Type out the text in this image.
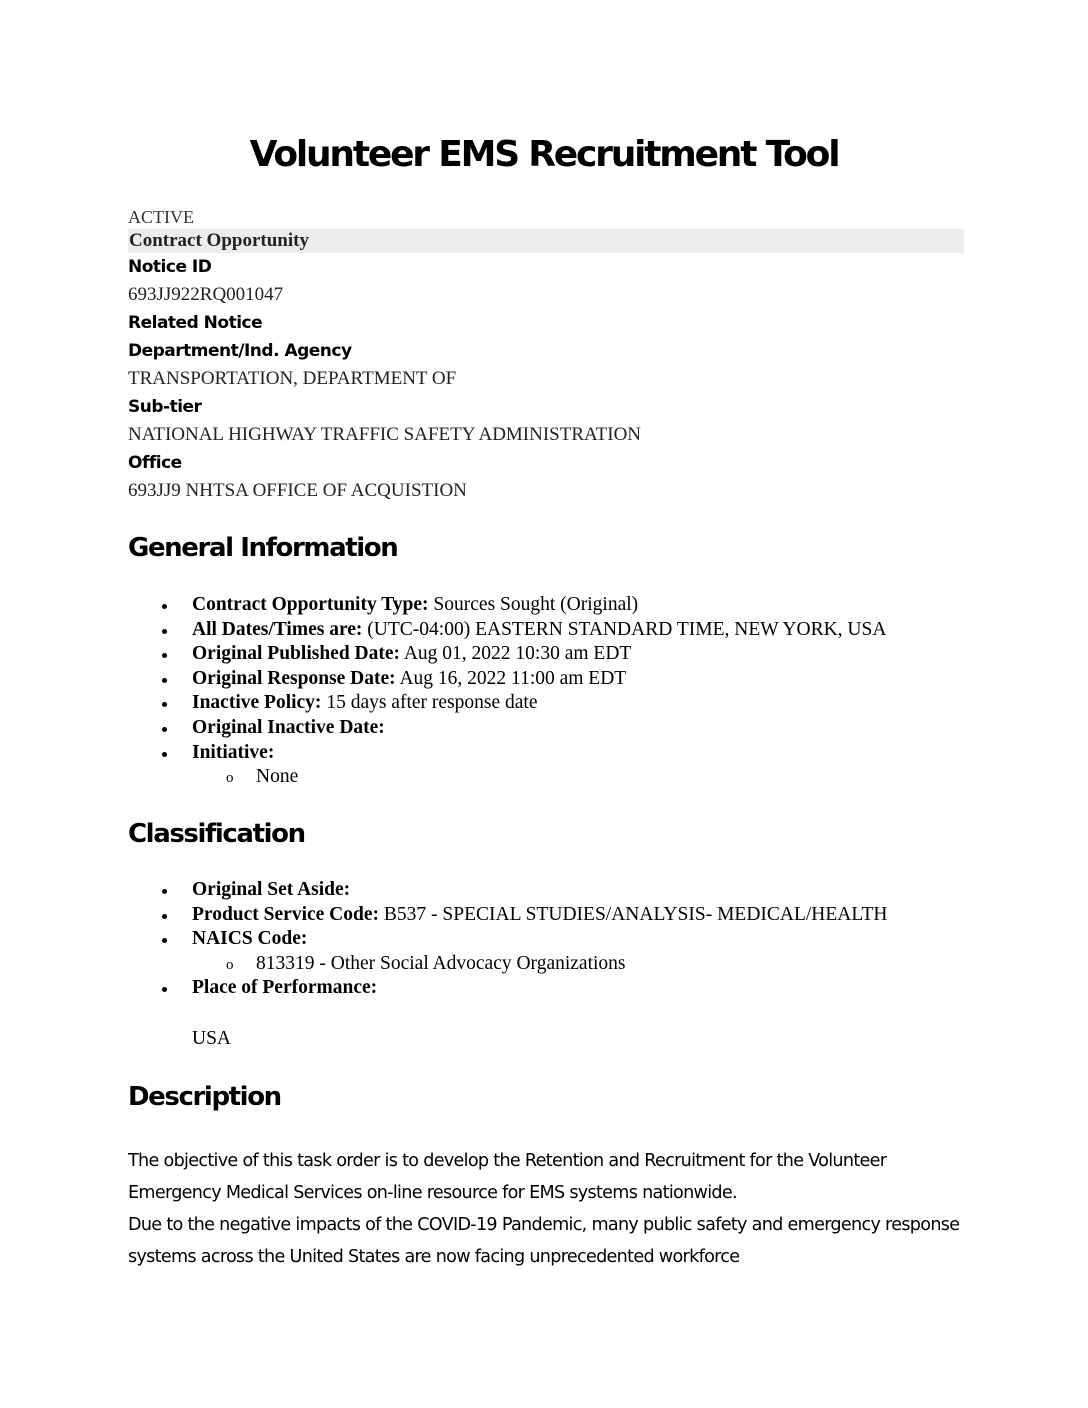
Volunteer EMS Recruitment Tool
ACTIVE
Contract Opportunity
Notice ID
693JJ922RQ001047
Related Notice
Department/Ind. Agency
TRANSPORTATION, DEPARTMENT OF
Sub-tier
NATIONAL HIGHWAY TRAFFIC SAFETY ADMINISTRATION
Office
693JJ9 NHTSA OFFICE OF ACQUISTION
General Information
Contract Opportunity Type: Sources Sought (Original)
All Dates/Times are: (UTC-04:00) EASTERN STANDARD TIME, NEW YORK, USA
Original Published Date: Aug 01, 2022 10:30 am EDT
Original Response Date: Aug 16, 2022 11:00 am EDT
Inactive Policy: 15 days after response date
Original Inactive Date:
Initiative:
o None
Classification
Original Set Aside:
Product Service Code: B537 - SPECIAL STUDIES/ANALYSIS- MEDICAL/HEALTH
NAICS Code:
o 813319 - Other Social Advocacy Organizations
Place of Performance:
USA
Description

The objective of this task order is to develop the Retention and Recruitment for the Volunteer Emergency Medical Services on-line resource for EMS systems nationwide.

Due to the negative impacts of the COVID-19 Pandemic, many public safety and emergency response systems across the United States are now facing unprecedented workforce
